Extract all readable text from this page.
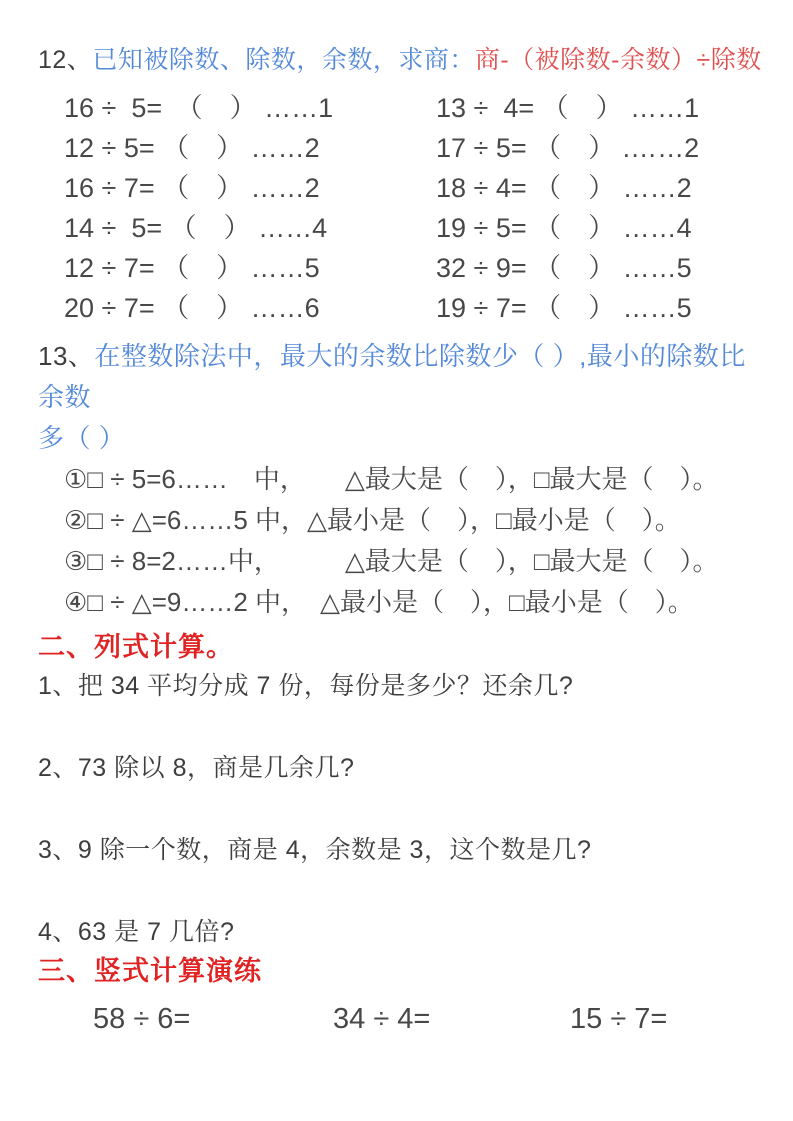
12、已知被除数、除数，余数，求商：商-（被除数-余数）÷除数
16 ÷  5=　（　） ……1
12 ÷ 5= （　） ……2
16 ÷ 7= （　） ……2
14 ÷  5= （　） ……4
12 ÷ 7= （　） ……5
20 ÷ 7= （　） ……6
13 ÷  4= （　） ……1
17 ÷ 5= （　） .……2
18 ÷ 4= （　） ……2
19 ÷ 5= （　） ……4
32 ÷ 9= （　） ……5
19 ÷ 7= （　） ……5
13、在整数除法中，最大的余数比除数少（ ）,最小的除数比余数
多（ ）
①□ ÷ 5=6……　中，　　△最大是（　），□最大是（　）。
②□ ÷ △=6……5 中，△最小是（　），□最小是（　）。
③□ ÷ 8=2……中，　　　△最大是（　），□最大是（　）。
④□ ÷ △=9……2 中，　△最小是（　），□最小是（　）。
二、列式计算。
1、把 34 平均分成 7 份，每份是多少？还余几?
2、73 除以 8，商是几余几?
3、9 除一个数，商是 4，余数是 3，这个数是几?
4、63 是 7 几倍?
三、竖式计算演练
58 ÷ 6=	34 ÷ 4=	15 ÷ 7=
